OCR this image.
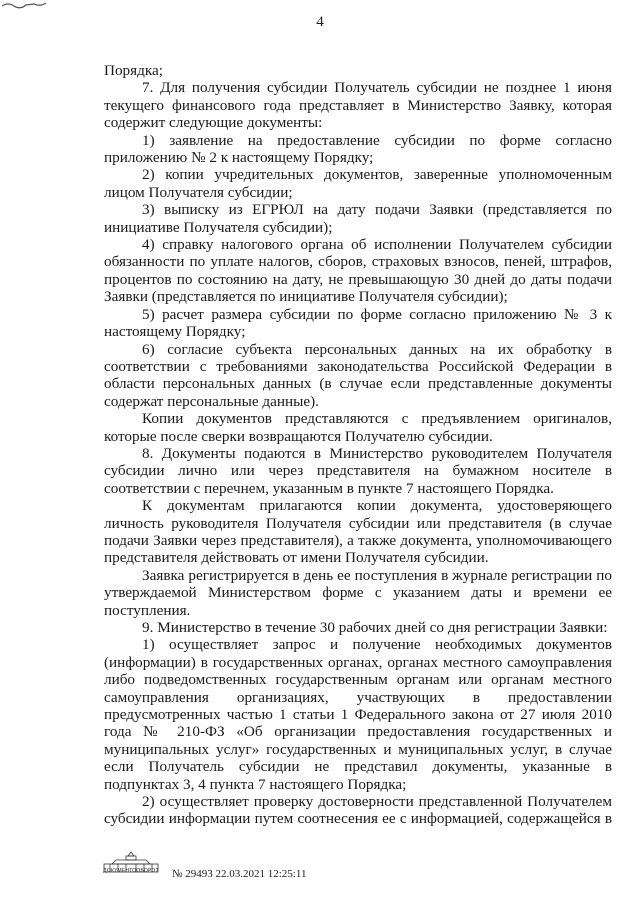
4

Порядка;

7. Для получения субсидии Получатель субсидии не позднее 1 июня текущего финансового года представляет в Министерство Заявку, которая содержит следующие документы:

1) заявление на предоставление субсидии по форме согласно приложению № 2 к настоящему Порядку;

2) копии учредительных документов, заверенные уполномоченным лицом Получателя субсидии;

3) выписку из ЕГРЮЛ на дату подачи Заявки (представляется по инициативе Получателя субсидии);

4) справку налогового органа об исполнении Получателем субсидии обязанности по уплате налогов, сборов, страховых взносов, пеней, штрафов, процентов по состоянию на дату, не превышающую 30 дней до даты подачи Заявки (представляется по инициативе Получателя субсидии);

5) расчет размера субсидии по форме согласно приложению № 3 к настоящему Порядку;

6) согласие субъекта персональных данных на их обработку в соответствии с требованиями законодательства Российской Федерации в области персональных данных (в случае если представленные документы содержат персональные данные).

Копии документов представляются с предъявлением оригиналов, которые после сверки возвращаются Получателю субсидии.

8. Документы подаются в Министерство руководителем Получателя субсидии лично или через представителя на бумажном носителе в соответствии с перечнем, указанным в пункте 7 настоящего Порядка.

К документам прилагаются копии документа, удостоверяющего личность руководителя Получателя субсидии или представителя (в случае подачи Заявки через представителя), а также документа, уполномочивающего представителя действовать от имени Получателя субсидии.

Заявка регистрируется в день ее поступления в журнале регистрации по утверждаемой Министерством форме с указанием даты и времени ее поступления.

9. Министерство в течение 30 рабочих дней со дня регистрации Заявки:

1) осуществляет запрос и получение необходимых документов (информации) в государственных органах, органах местного самоуправления либо подведомственных государственным органам или органам местного самоуправления организациях, участвующих в предоставлении предусмотренных частью 1 статьи 1 Федерального закона от 27 июля 2010 года № 210-ФЗ «Об организации предоставления государственных и муниципальных услуг» государственных и муниципальных услуг, в случае если Получатель субсидии не представил документы, указанные в подпунктах 3, 4 пункта 7 настоящего Порядка;

2) осуществляет проверку достоверности представленной Получателем субсидии информации путем соотнесения ее с информацией, содержащейся в

ДОКУМЕНТООБОРОТ	№ 29493 22.03.2021 12:25:11
